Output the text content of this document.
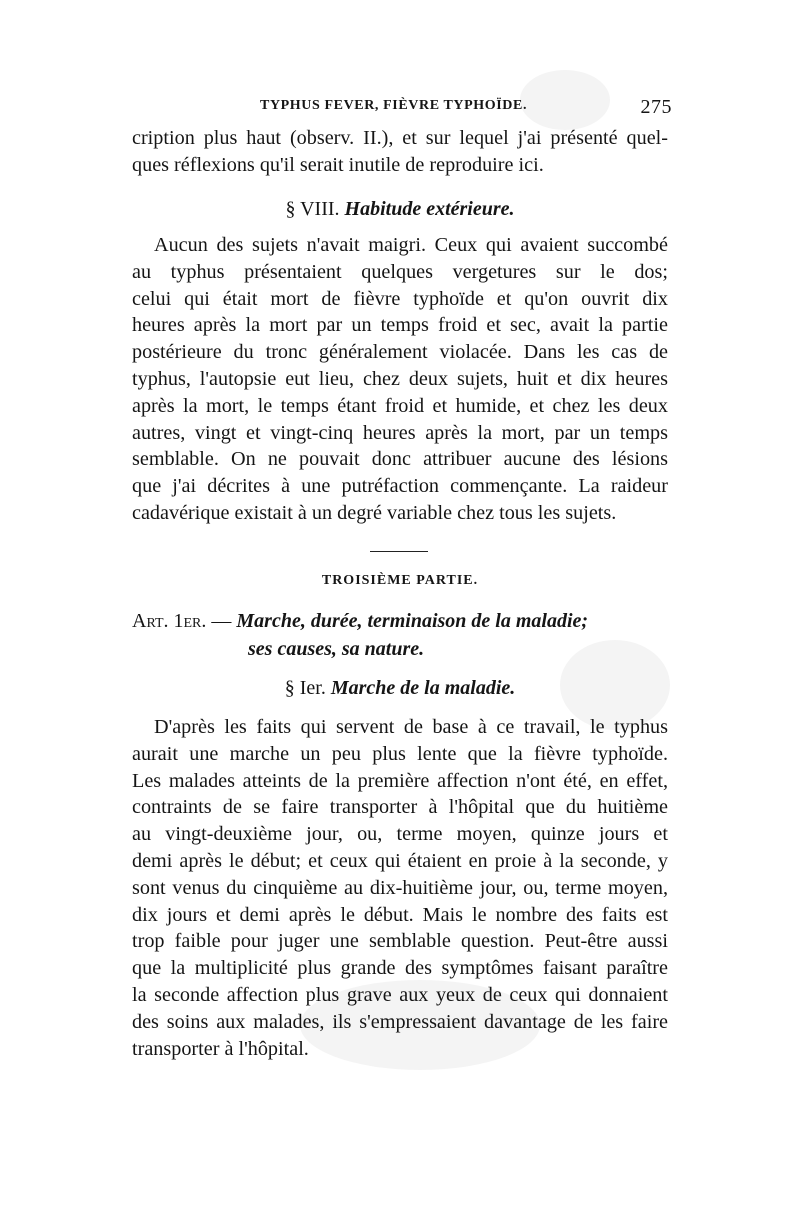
TYPHUS FEVER, FIÈVRE TYPHOÏDE.	275
cription plus haut (observ. II.), et sur lequel j'ai présenté quel-
ques réflexions qu'il serait inutile de reproduire ici.
§ VIII. Habitude extérieure.
Aucun des sujets n'avait maigri. Ceux qui avaient succombé
au typhus présentaient quelques vergetures sur le dos;
celui qui était mort de fièvre typhoïde et qu'on ouvrit dix
heures après la mort par un temps froid et sec, avait la partie
postérieure du tronc généralement violacée. Dans les cas de
typhus, l'autopsie eut lieu, chez deux sujets, huit et dix heures
après la mort, le temps étant froid et humide, et chez les deux
autres, vingt et vingt-cinq heures après la mort, par un temps
semblable. On ne pouvait donc attribuer aucune des lésions
que j'ai décrites à une putréfaction commençante. La raideur
cadavérique existait à un degré variable chez tous les sujets.
TROISIÈME PARTIE.
Art. 1er. — Marche, durée, terminaison de la maladie;
ses causes, sa nature.
§ Ier. Marche de la maladie.
D'après les faits qui servent de base à ce travail, le typhus
aurait une marche un peu plus lente que la fièvre typhoïde.
Les malades atteints de la première affection n'ont été, en effet,
contraints de se faire transporter à l'hôpital que du huitième
au vingt-deuxième jour, ou, terme moyen, quinze jours et
demi après le début; et ceux qui étaient en proie à la seconde, y
sont venus du cinquième au dix-huitième jour, ou, terme moyen,
dix jours et demi après le début. Mais le nombre des faits est
trop faible pour juger une semblable question. Peut-être aussi
que la multiplicité plus grande des symptômes faisant paraître
la seconde affection plus grave aux yeux de ceux qui donnaient
des soins aux malades, ils s'empressaient davantage de les faire
transporter à l'hôpital.
